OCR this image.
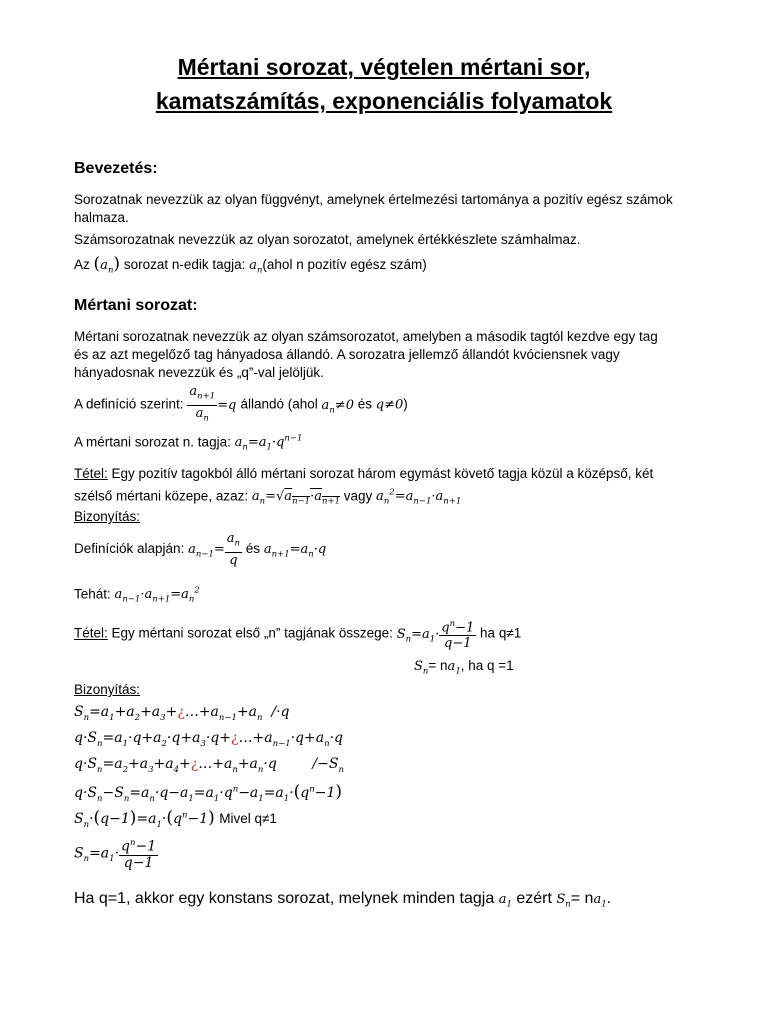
Mértani sorozat, végtelen mértani sor,
kamatszámítás, exponenciális folyamatok
Bevezetés:
Sorozatnak nevezzük az olyan függvényt, amelynek értelmezési tartománya a pozitív egész számok
halmaza.
Számsorozatnak nevezzük az olyan sorozatot, amelynek értékkészlete számhalmaz.
Az $(a_n)$ sorozat n-edik tagja: $a_n(ahol$ n pozitív egész szám)
Mértani sorozat:
Mértani sorozatnak nevezzük az olyan számsorozatot, amelyben a második tagtól kezdve egy tag
és az azt megelőző tag hányadosa állandó. A sorozatra jellemző állandót kvóciensnek vagy
hányadosnak nevezzük és „q”-val jelöljük.
A definíció szerint: $\frac{a_{n+1}}{a_n} =q$ állandó (ahol $a_n\ne 0$ és q≠0)
A mértani sorozat n. tagja: $a_n=a_1\cdot q^{n-1}$
Tétel: Egy pozitív tagokból álló mértani sorozat három egymást követő tagja közül a középső, két
szélső mértani közepe, azaz: $a_n=√a_{n-1}\cdot a_{n+1}$ vagy $a_n^2=a_{n-1}\cdot a_{n+1}$
Bizonyítás:
Definíciók alapján: $a_{n-1}= \frac{a_n}{q}$ és $a_{n+1}=a_n\cdot q$
Tehát: $a_{n-1}\cdot a_{n+1}=a_n^2$
Tétel: Egy mértani sorozat első „n” tagjának összege: $S_n=a_1\cdot \frac{q^n-1}{q-1}$ ha q≠1
$S_n= na_1$, ha q =1
Bizonyítás:
$S_n=a_1+a_2+a_3+¿\dots+a_{n-1}+a_n$  /·q
$q\cdot S_n=a_1\cdot q+a_2\cdot q+a_3\cdot q+¿\dots+a_{n-1}\cdot q+a_n\cdot q$
$q\cdot S_n=a_2+a_3+a_4+¿\dots+a_n+a_n\cdot q$        $/-S_n$
$q\cdot S_n-S_n=a_n\cdot q-a_1=a_1\cdot q^n-a_1=a_1\cdot(q^n-1)$
$S_n\cdot(q-1)=a_1\cdot(q^n-1)$ Mivel q≠1
$S_n=a_1\cdot \frac{q^n-1}{q-1}$
Ha q=1, akkor egy konstans sorozat, melynek minden tagja $a_1$ ezért $S_n= na_1$.
